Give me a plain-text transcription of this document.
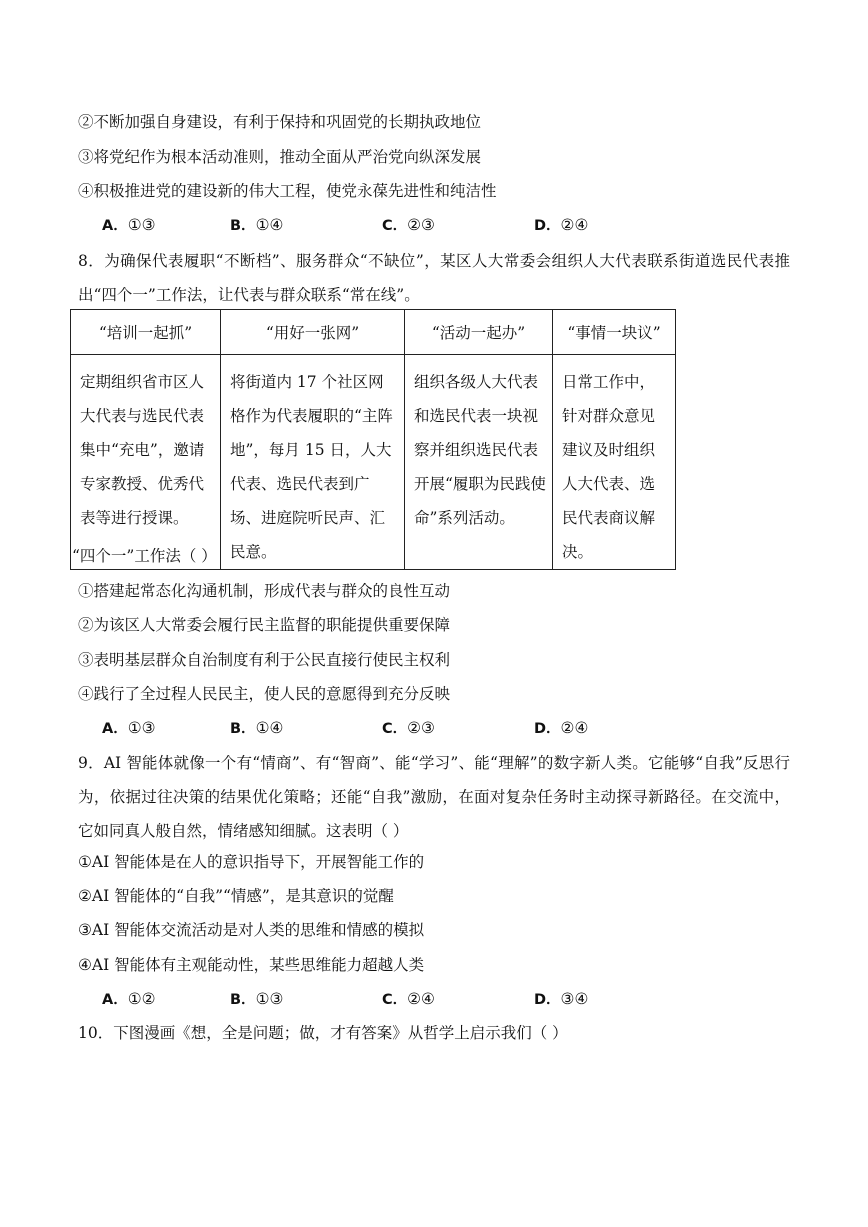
②不断加强自身建设，有利于保持和巩固党的长期执政地位
③将党纪作为根本活动准则，推动全面从严治党向纵深发展
④积极推进党的建设新的伟大工程，使党永葆先进性和纯洁性
A．①③	B．①④	C．②③	D．②④
8．为确保代表履职“不断档”、服务群众“不缺位”，某区人大常委会组织人大代表联系街道选民代表推出“四个一”工作法，让代表与群众联系“常在线”。
“培训一起抓”	“用好一张网”	“活动一起办”	“事情一块议”
定期组织省市区人大代表与选民代表集中“充电”，邀请专家教授、优秀代表等进行授课。	将街道内 17 个社区网格作为代表履职的“主阵地”，每月 15 日，人大代表、选民代表到广场、进庭院听民声、汇民意。	组织各级人大代表和选民代表一块视察并组织选民代表开展“履职为民践使命”系列活动。	日常工作中，针对群众意见建议及时组织人大代表、选民代表商议解决。
“四个一”工作法（ ）
①搭建起常态化沟通机制，形成代表与群众的良性互动
②为该区人大常委会履行民主监督的职能提供重要保障
③表明基层群众自治制度有利于公民直接行使民主权利
④践行了全过程人民民主，使人民的意愿得到充分反映
A．①③	B．①④	C．②③	D．②④
9．AI 智能体就像一个有“情商”、有“智商”、能“学习”、能“理解”的数字新人类。它能够“自我”反思行为，依据过往决策的结果优化策略；还能“自我”激励，在面对复杂任务时主动探寻新路径。在交流中，它如同真人般自然，情绪感知细腻。这表明（ ）
①AI 智能体是在人的意识指导下，开展智能工作的
②AI 智能体的“自我”“情感”，是其意识的觉醒
③AI 智能体交流活动是对人类的思维和情感的模拟
④AI 智能体有主观能动性，某些思维能力超越人类
A．①②	B．①③	C．②④	D．③④
10．下图漫画《想，全是问题；做，才有答案》从哲学上启示我们（ ）
